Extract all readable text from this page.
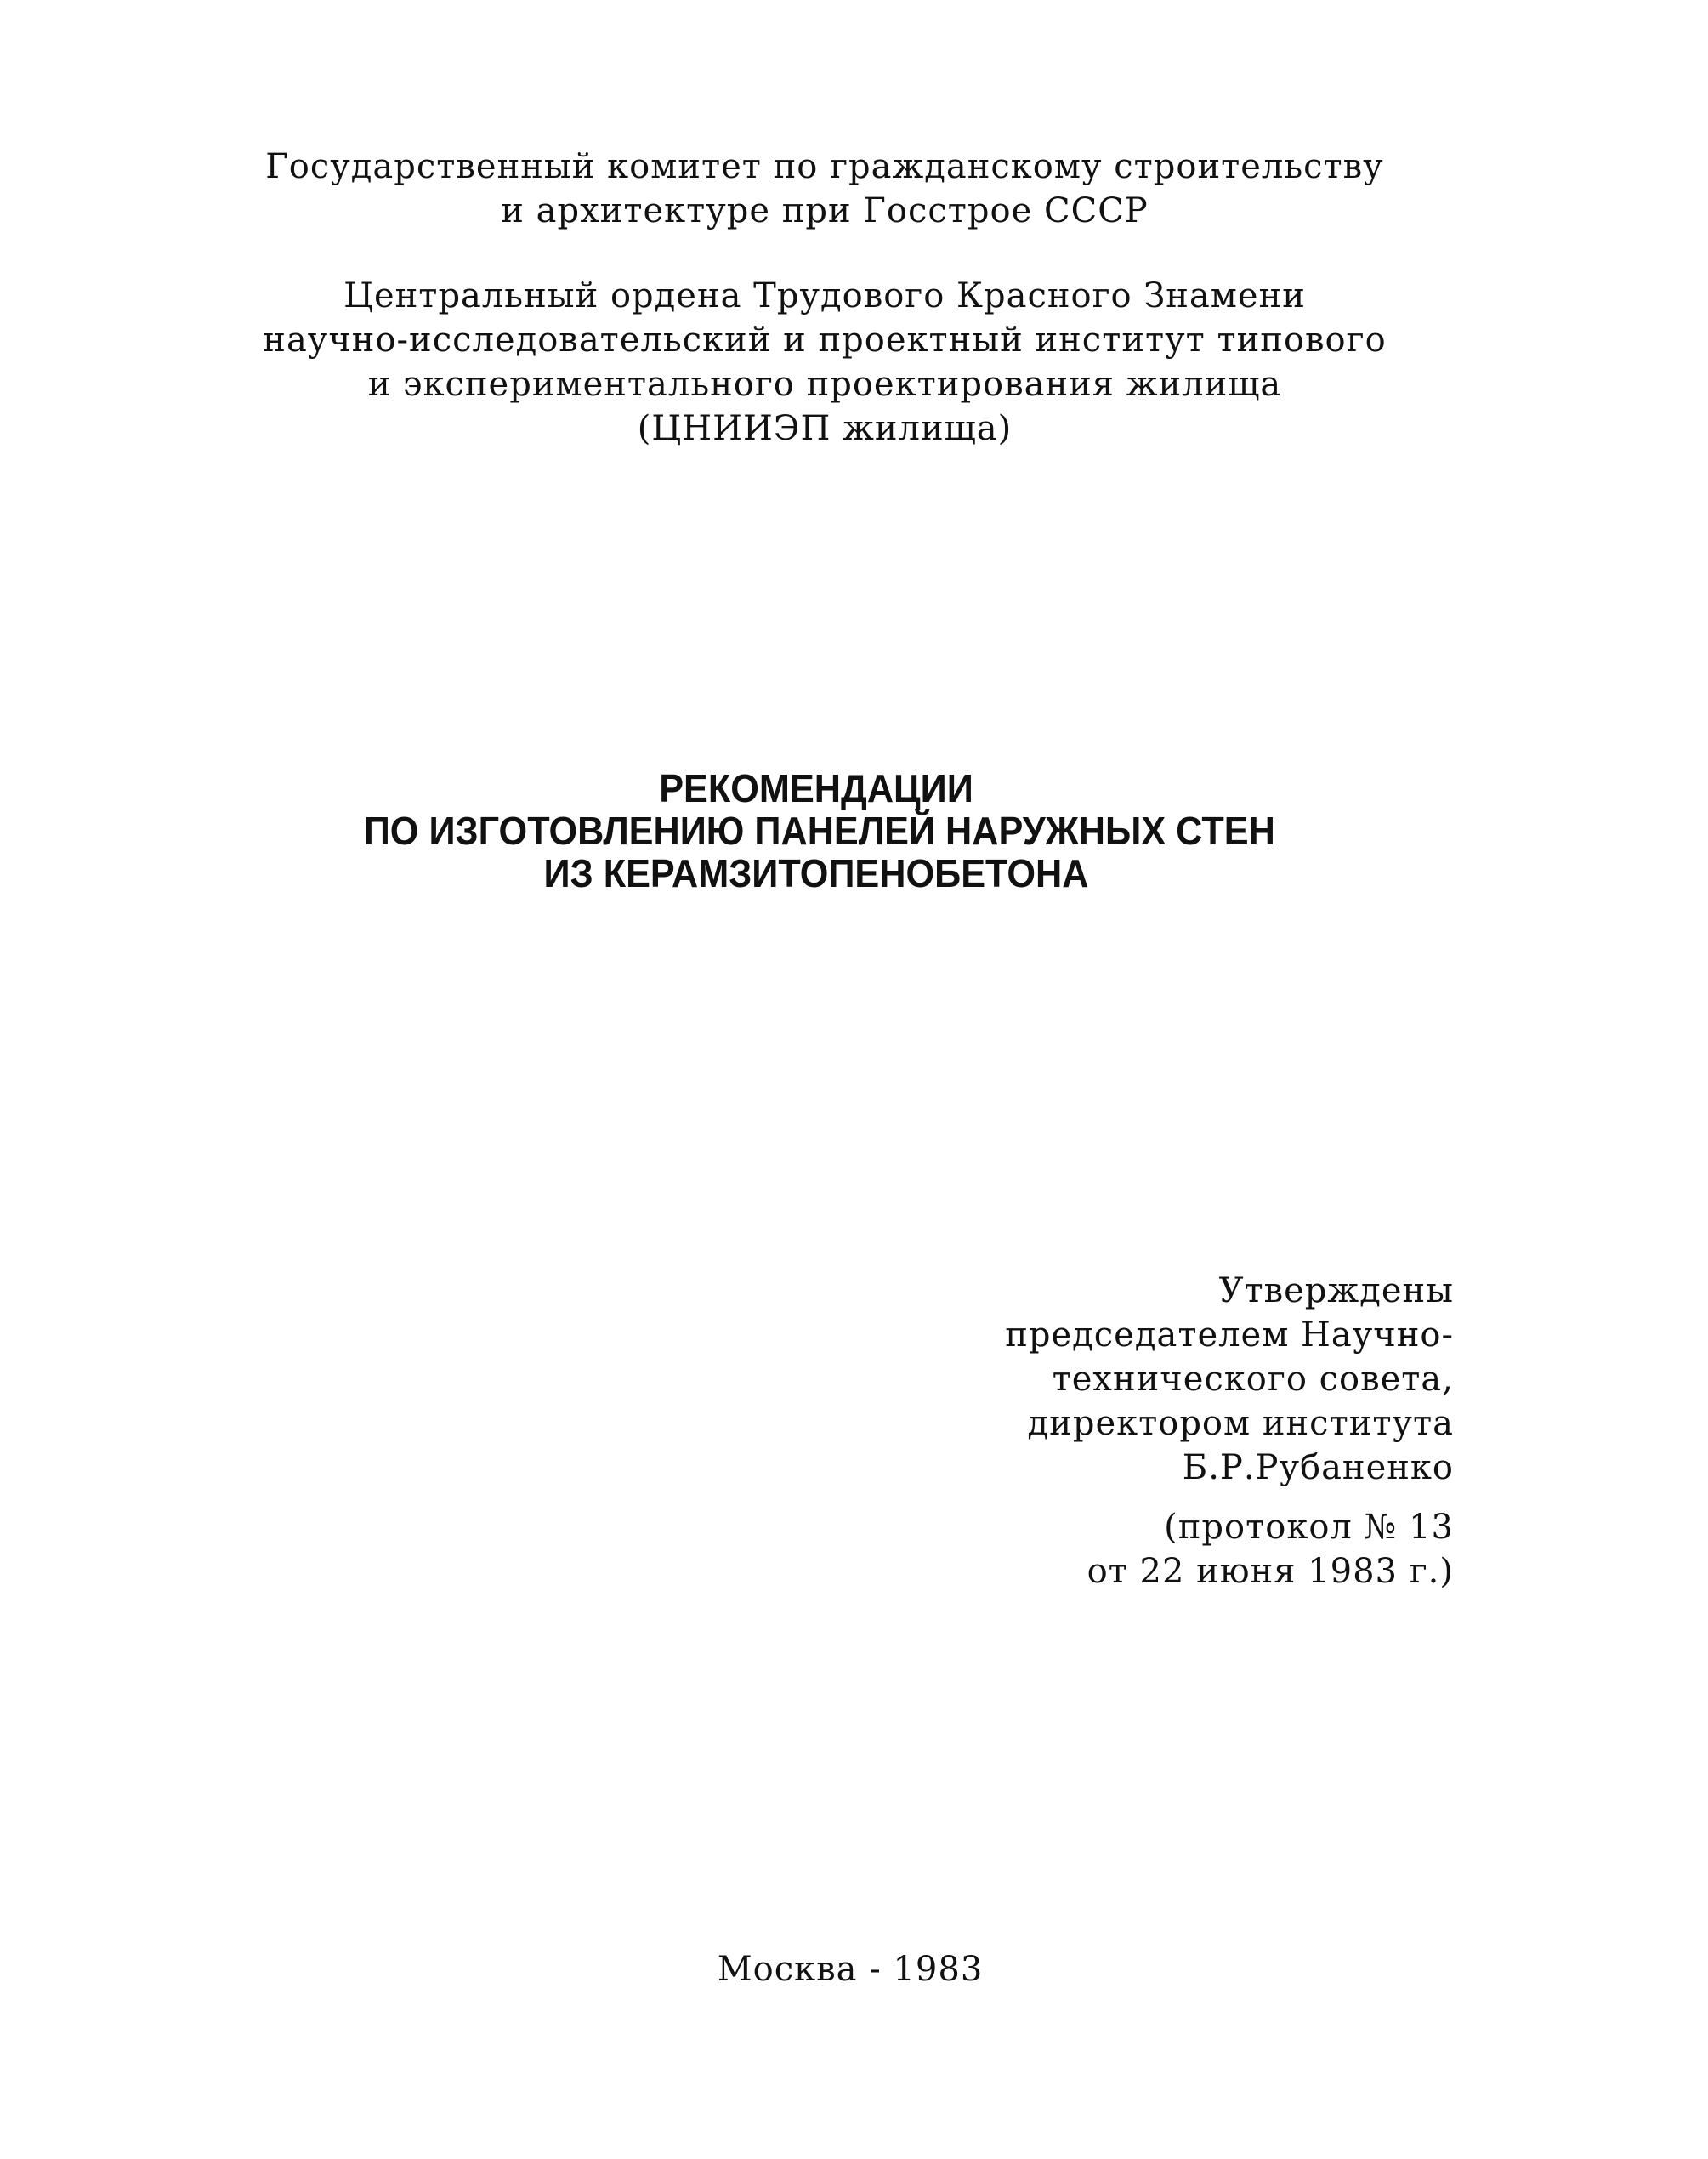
Государственный комитет по гражданскому строительству
и архитектуре при Госстрое СССР
Центральный ордена Трудового Красного Знамени
научно-исследовательский и проектный институт типового
и экспериментального проектирования жилища
(ЦНИИЭП жилища)
РЕКОМЕНДАЦИИ
ПО ИЗГОТОВЛЕНИЮ ПАНЕЛЕЙ НАРУЖНЫХ СТЕН
ИЗ КЕРАМЗИТОПЕНОБЕТОНА
Утверждены
председателем Научно-
технического совета,
директором института
Б.Р.Рубаненко
(протокол № 13
от 22 июня 1983 г.)
Москва - 1983
